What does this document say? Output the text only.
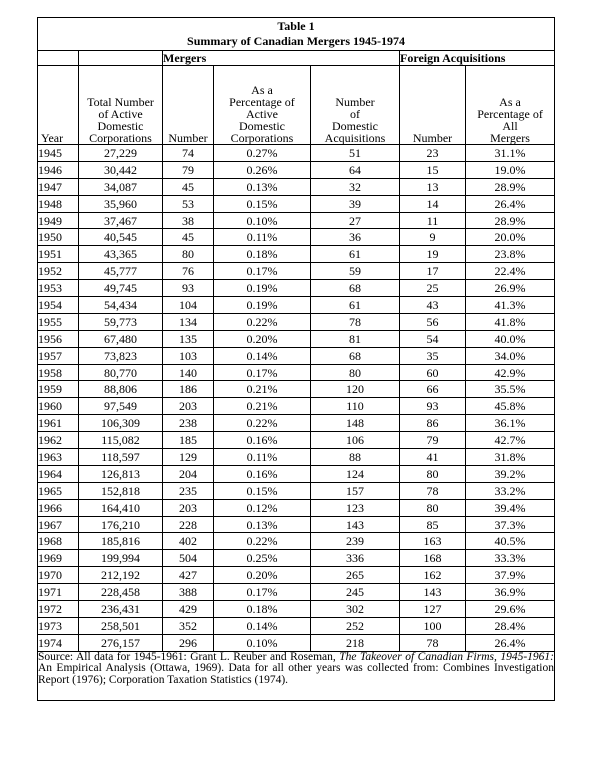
Table 1
Summary of Canadian Mergers 1945-1974						

		Mergers			Foreign Acquisitions	
Year	Total Number
of Active
Domestic
Corporations	Number	As a
Percentage of
Active
Domestic
Corporations	Number
of
Domestic
Acquisitions	Number	As a
Percentage of
All
Mergers
1945	27,229	74	0.27%	51	23	31.1%
1946	30,442	79	0.26%	64	15	19.0%
1947	34,087	45	0.13%	32	13	28.9%
1948	35,960	53	0.15%	39	14	26.4%
1949	37,467	38	0.10%	27	11	28.9%
1950	40,545	45	0.11%	36	9	20.0%
1951	43,365	80	0.18%	61	19	23.8%
1952	45,777	76	0.17%	59	17	22.4%
1953	49,745	93	0.19%	68	25	26.9%
1954	54,434	104	0.19%	61	43	41.3%
1955	59,773	134	0.22%	78	56	41.8%
1956	67,480	135	0.20%	81	54	40.0%
1957	73,823	103	0.14%	68	35	34.0%
1958	80,770	140	0.17%	80	60	42.9%
1959	88,806	186	0.21%	120	66	35.5%
1960	97,549	203	0.21%	110	93	45.8%
1961	106,309	238	0.22%	148	86	36.1%
1962	115,082	185	0.16%	106	79	42.7%
1963	118,597	129	0.11%	88	41	31.8%
1964	126,813	204	0.16%	124	80	39.2%
1965	152,818	235	0.15%	157	78	33.2%
1966	164,410	203	0.12%	123	80	39.4%
1967	176,210	228	0.13%	143	85	37.3%
1968	185,816	402	0.22%	239	163	40.5%
1969	199,994	504	0.25%	336	168	33.3%
1970	212,192	427	0.20%	265	162	37.9%
1971	228,458	388	0.17%	245	143	36.9%
1972	236,431	429	0.18%	302	127	29.6%
1973	258,501	352	0.14%	252	100	28.4%
1974	276,157	296	0.10%	218	78	26.4%
Source: All data for 1945-1961: Grant L. Reuber and Roseman, The Takeover of Canadian Firms, 1945-1961: An Empirical Analysis (Ottawa, 1969). Data for all other years was collected from: Combines Investigation Report (1976); Corporation Taxation Statistics (1974).						
